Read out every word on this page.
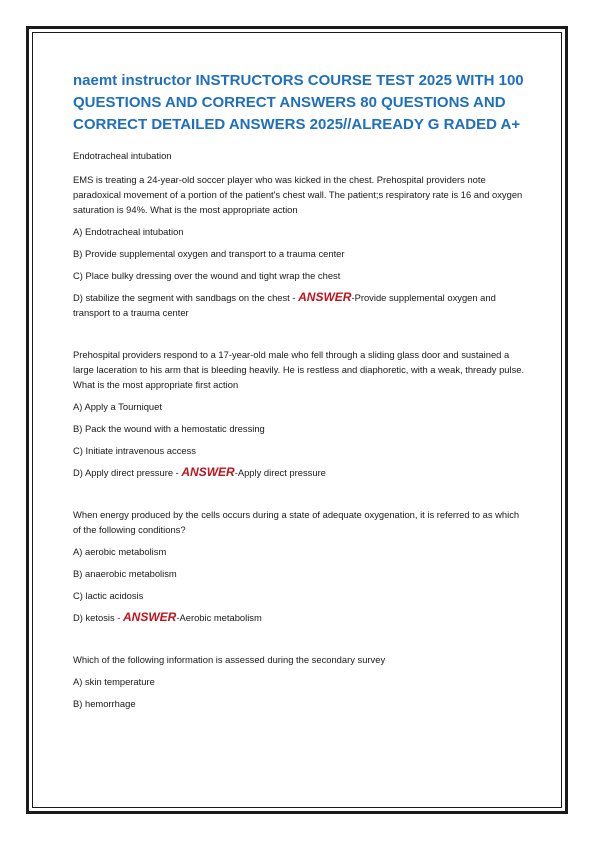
naemt instructor INSTRUCTORS COURSE TEST 2025 WITH 100 QUESTIONS AND CORRECT ANSWERS 80 QUESTIONS AND CORRECT DETAILED ANSWERS 2025//ALREADY G RADED A+
Endotracheal intubation
EMS is treating a 24-year-old soccer player who was kicked in the chest. Prehospital providers note paradoxical movement of a portion of the patient's chest wall. The patient;s respiratory rate is 16 and oxygen saturation is 94%. What is the most appropriate action
A) Endotracheal intubation
B) Provide supplemental oxygen and transport to a trauma center
C) Place bulky dressing over the wound and tight wrap the chest
D) stabilize the segment with sandbags on the chest - ANSWER-Provide supplemental oxygen and transport to a trauma center
Prehospital providers respond to a 17-year-old male who fell through a sliding glass door and sustained a large laceration to his arm that is bleeding heavily. He is restless and diaphoretic, with a weak, thready pulse. What is the most appropriate first action
A) Apply a Tourniquet
B) Pack the wound with a hemostatic dressing
C) Initiate intravenous access
D) Apply direct pressure - ANSWER-Apply direct pressure
When energy produced by the cells occurs during a state of adequate oxygenation, it is referred to as which of the following conditions?
A) aerobic metabolism
B) anaerobic metabolism
C) lactic acidosis
D) ketosis - ANSWER-Aerobic metabolism
Which of the following information is assessed during the secondary survey
A) skin temperature
B) hemorrhage
